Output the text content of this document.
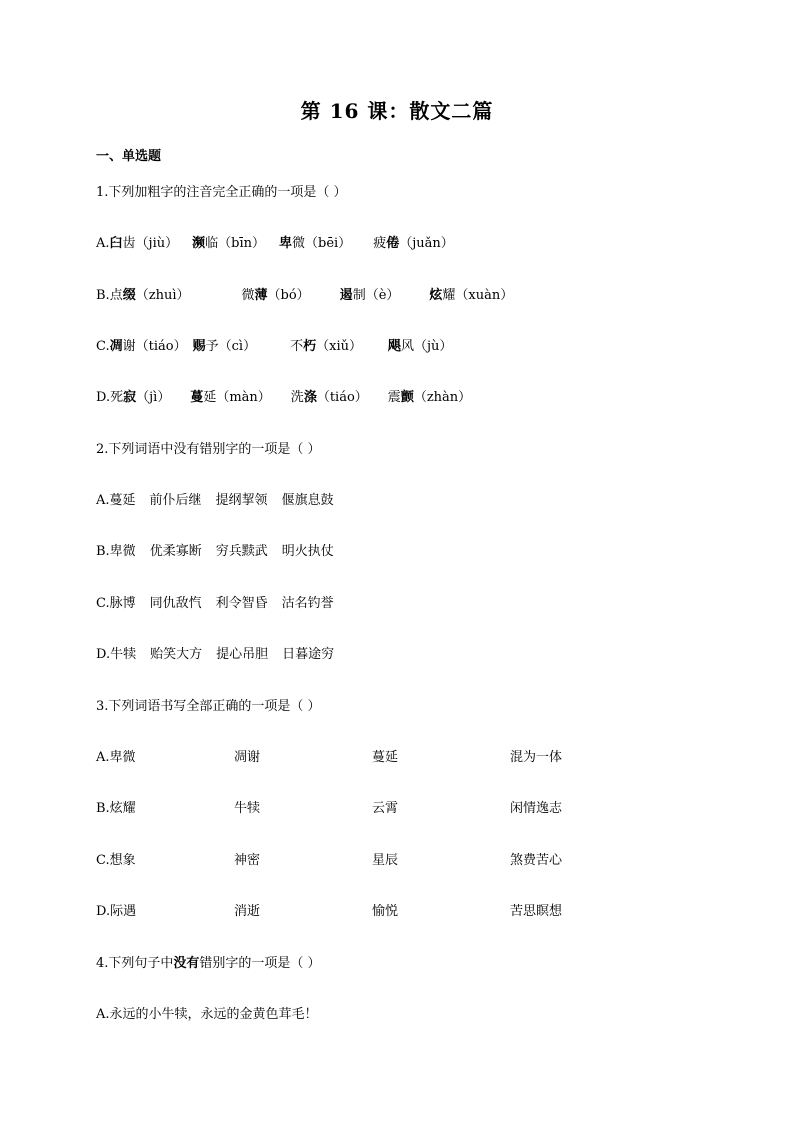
第 16 课：散文二篇
一、单选题
1.下列加粗字的注音完全正确的一项是（ ）
A.臼齿（jiù） 濒临（bīn） 卑微（bēi） 疲倦（juǎn）
B.点缀（zhuì）	微薄（bó） 遏制（è） 炫耀（xuàn）
C.凋谢（tiáo） 赐予（cì）	不朽（xiǔ） 飓风（jù）
D.死寂（jì） 蔓延（màn） 洗涤（tiáo） 震颤（zhàn）
2.下列词语中没有错别字的一项是（ ）
A.蔓延 前仆后继 提纲挈领 偃旗息鼓
B.卑微 优柔寡断 穷兵黩武 明火执仗
C.脉博 同仇敌忾 利令智昏 沽名钓誉
D.牛犊 贻笑大方 提心吊胆 日暮途穷
3.下列词语书写全部正确的一项是（ ）
A.卑微	凋谢	蔓延	混为一体
B.炫耀	牛犊	云霄	闲情逸志
C.想象	神密	星辰	煞费苦心
D.际遇	消逝	愉悦	苦思瞑想
4.下列句子中没有错别字的一项是（ ）
A.永远的小牛犊，永远的金黄色茸毛！
